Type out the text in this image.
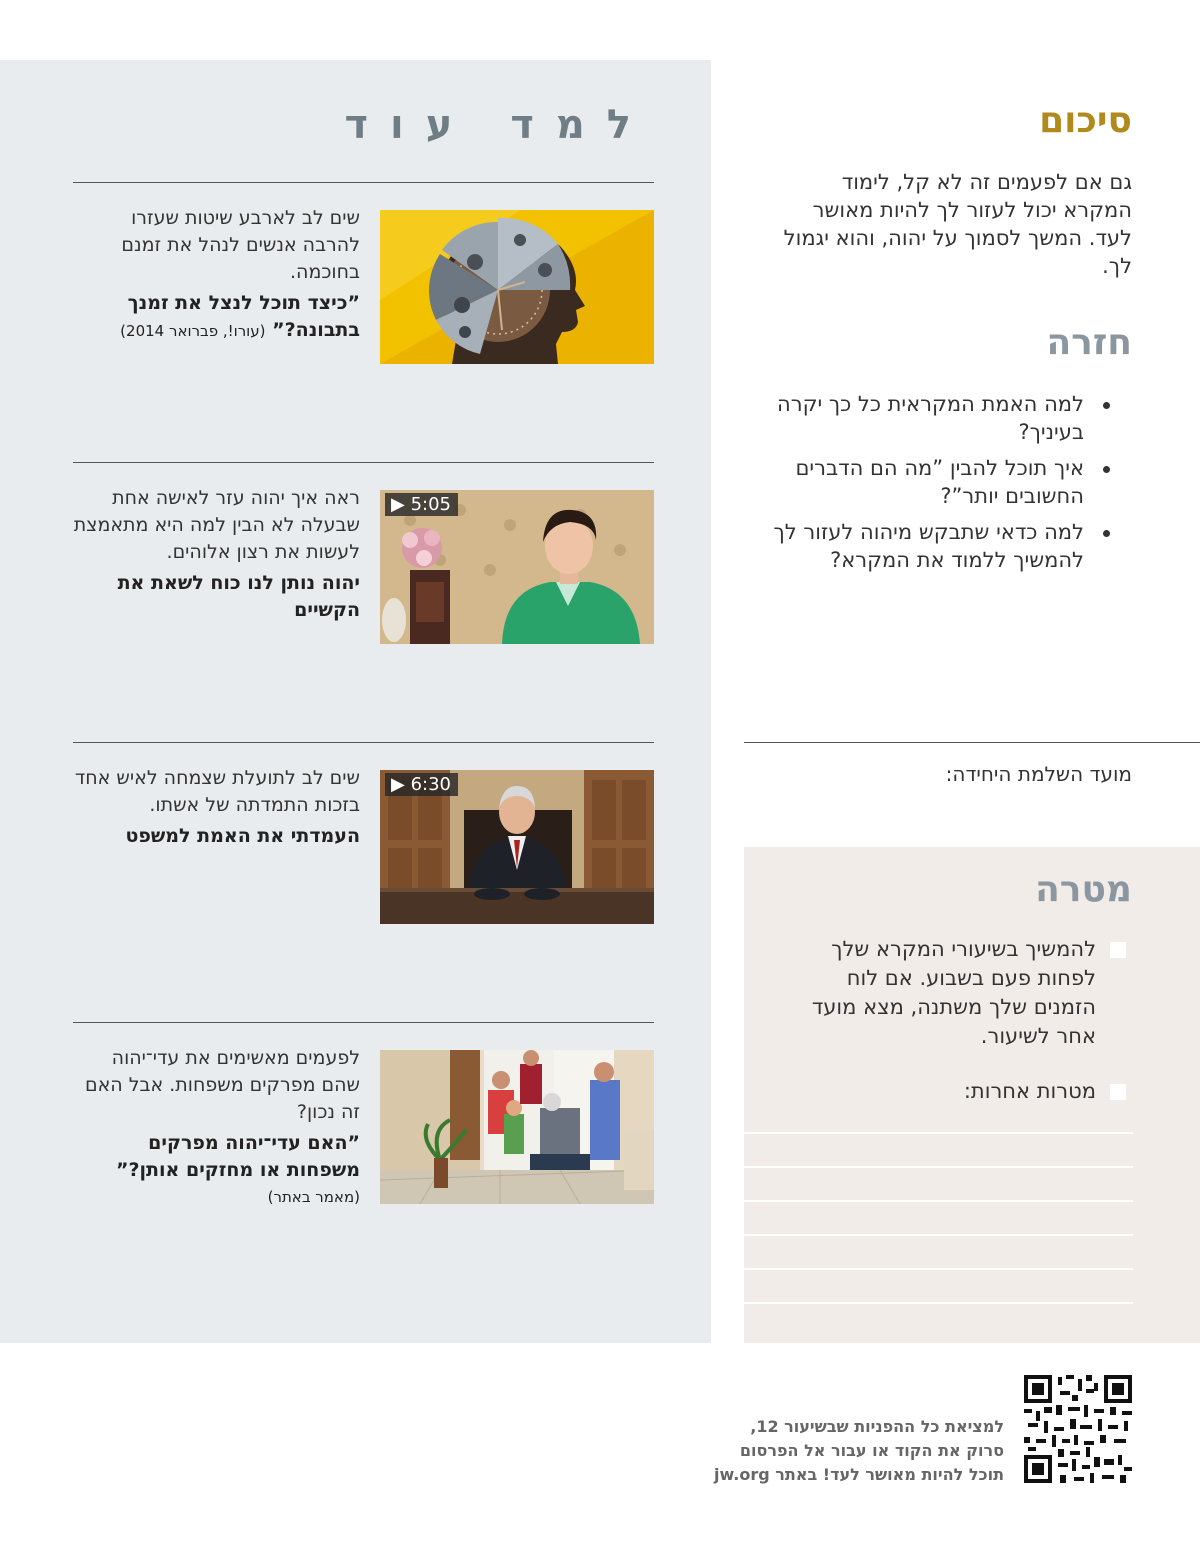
למד עוד

שים לב לארבע שיטות שעזרו להרבה אנשים לנהל את זמנם בחוכמה.

”כיצד תוכל לנצל את זמנך בתבונה?” (עורו!, פברואר 2014)

▶ 5:05

ראה איך יהוה עזר לאישה אחת שבעלה לא הבין למה היא מתאמצת לעשות את רצון אלוהים.

יהוה נותן לנו כוח לשאת את הקשיים

▶ 6:30

שים לב לתועלת שצמחה לאיש אחד בזכות התמדתה של אשתו.

העמדתי את האמת למשפט

לפעמים מאשימים את עדי־יהוה שהם מפרקים משפחות. אבל האם זה נכון?

”האם עדי־יהוה מפרקים משפחות או מחזקים אותן?”

(מאמר באתר)

סיכום

גם אם לפעמים זה לא קל, לימוד המקרא יכול לעזור לך להיות מאושר לעד. המשך לסמוך על יהוה, והוא יגמול לך.

חזרה
למה האמת המקראית כל כך יקרה בעיניך?
איך תוכל להבין ”מה הם הדברים החשובים יותר”?
למה כדאי שתבקש מיהוה לעזור לך להמשיך ללמוד את המקרא?

מועד השלמת היחידה:

מטרה
להמשיך בשיעורי המקרא שלך לפחות פעם בשבוע. אם לוח הזמנים שלך משתנה, מצא מועד אחר לשיעור.
מטרות אחרות:

למציאת כל ההפניות שבשיעור 12,
סרוק את הקוד או עבור אל הפרסום
תוכל להיות מאושר לעד! באתר jw.org
